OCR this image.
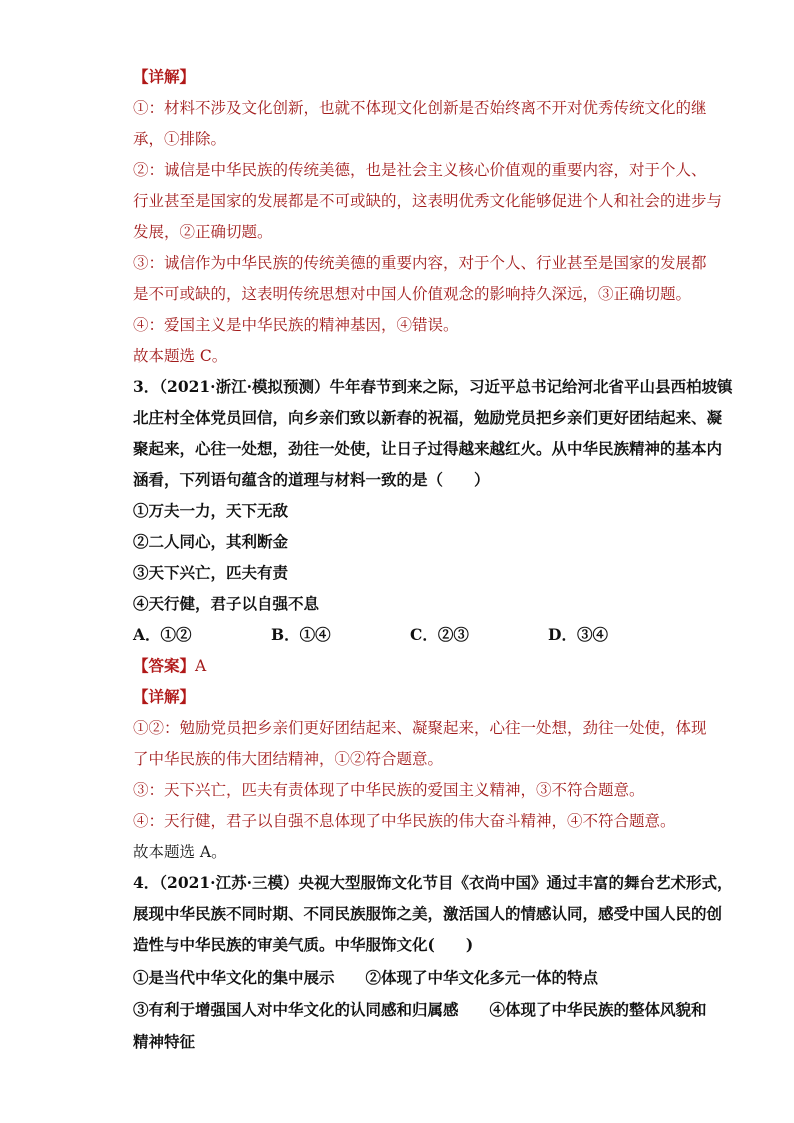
【详解】
①：材料不涉及文化创新，也就不体现文化创新是否始终离不开对优秀传统文化的继
承，①排除。
②：诚信是中华民族的传统美德，也是社会主义核心价值观的重要内容，对于个人、
行业甚至是国家的发展都是不可或缺的，这表明优秀文化能够促进个人和社会的进步与
发展，②正确切题。
③：诚信作为中华民族的传统美德的重要内容，对于个人、行业甚至是国家的发展都
是不可或缺的，这表明传统思想对中国人价值观念的影响持久深远，③正确切题。
④：爱国主义是中华民族的精神基因，④错误。
故本题选 C。
3．（2021·浙江·模拟预测）牛年春节到来之际，习近平总书记给河北省平山县西柏坡镇
北庄村全体党员回信，向乡亲们致以新春的祝福，勉励党员把乡亲们更好团结起来、凝
聚起来，心往一处想，劲往一处使，让日子过得越来越红火。从中华民族精神的基本内
涵看，下列语句蕴含的道理与材料一致的是（　　）
①万夫一力，天下无敌
②二人同心，其利断金
③天下兴亡，匹夫有责
④天行健，君子以自强不息
A．①②	B．①④	C．②③	D．③④
【答案】A
【详解】
①②：勉励党员把乡亲们更好团结起来、凝聚起来，心往一处想，劲往一处使，体现
了中华民族的伟大团结精神，①②符合题意。
③：天下兴亡，匹夫有责体现了中华民族的爱国主义精神，③不符合题意。
④：天行健，君子以自强不息体现了中华民族的伟大奋斗精神，④不符合题意。
故本题选 A。
4．（2021·江苏·三模）央视大型服饰文化节目《衣尚中国》通过丰富的舞台艺术形式，
展现中华民族不同时期、不同民族服饰之美，激活国人的情感认同，感受中国人民的创
造性与中华民族的审美气质。中华服饰文化(　　)
①是当代中华文化的集中展示　　②体现了中华文化多元一体的特点
③有利于增强国人对中华文化的认同感和归属感　　④体现了中华民族的整体风貌和
精神特征
